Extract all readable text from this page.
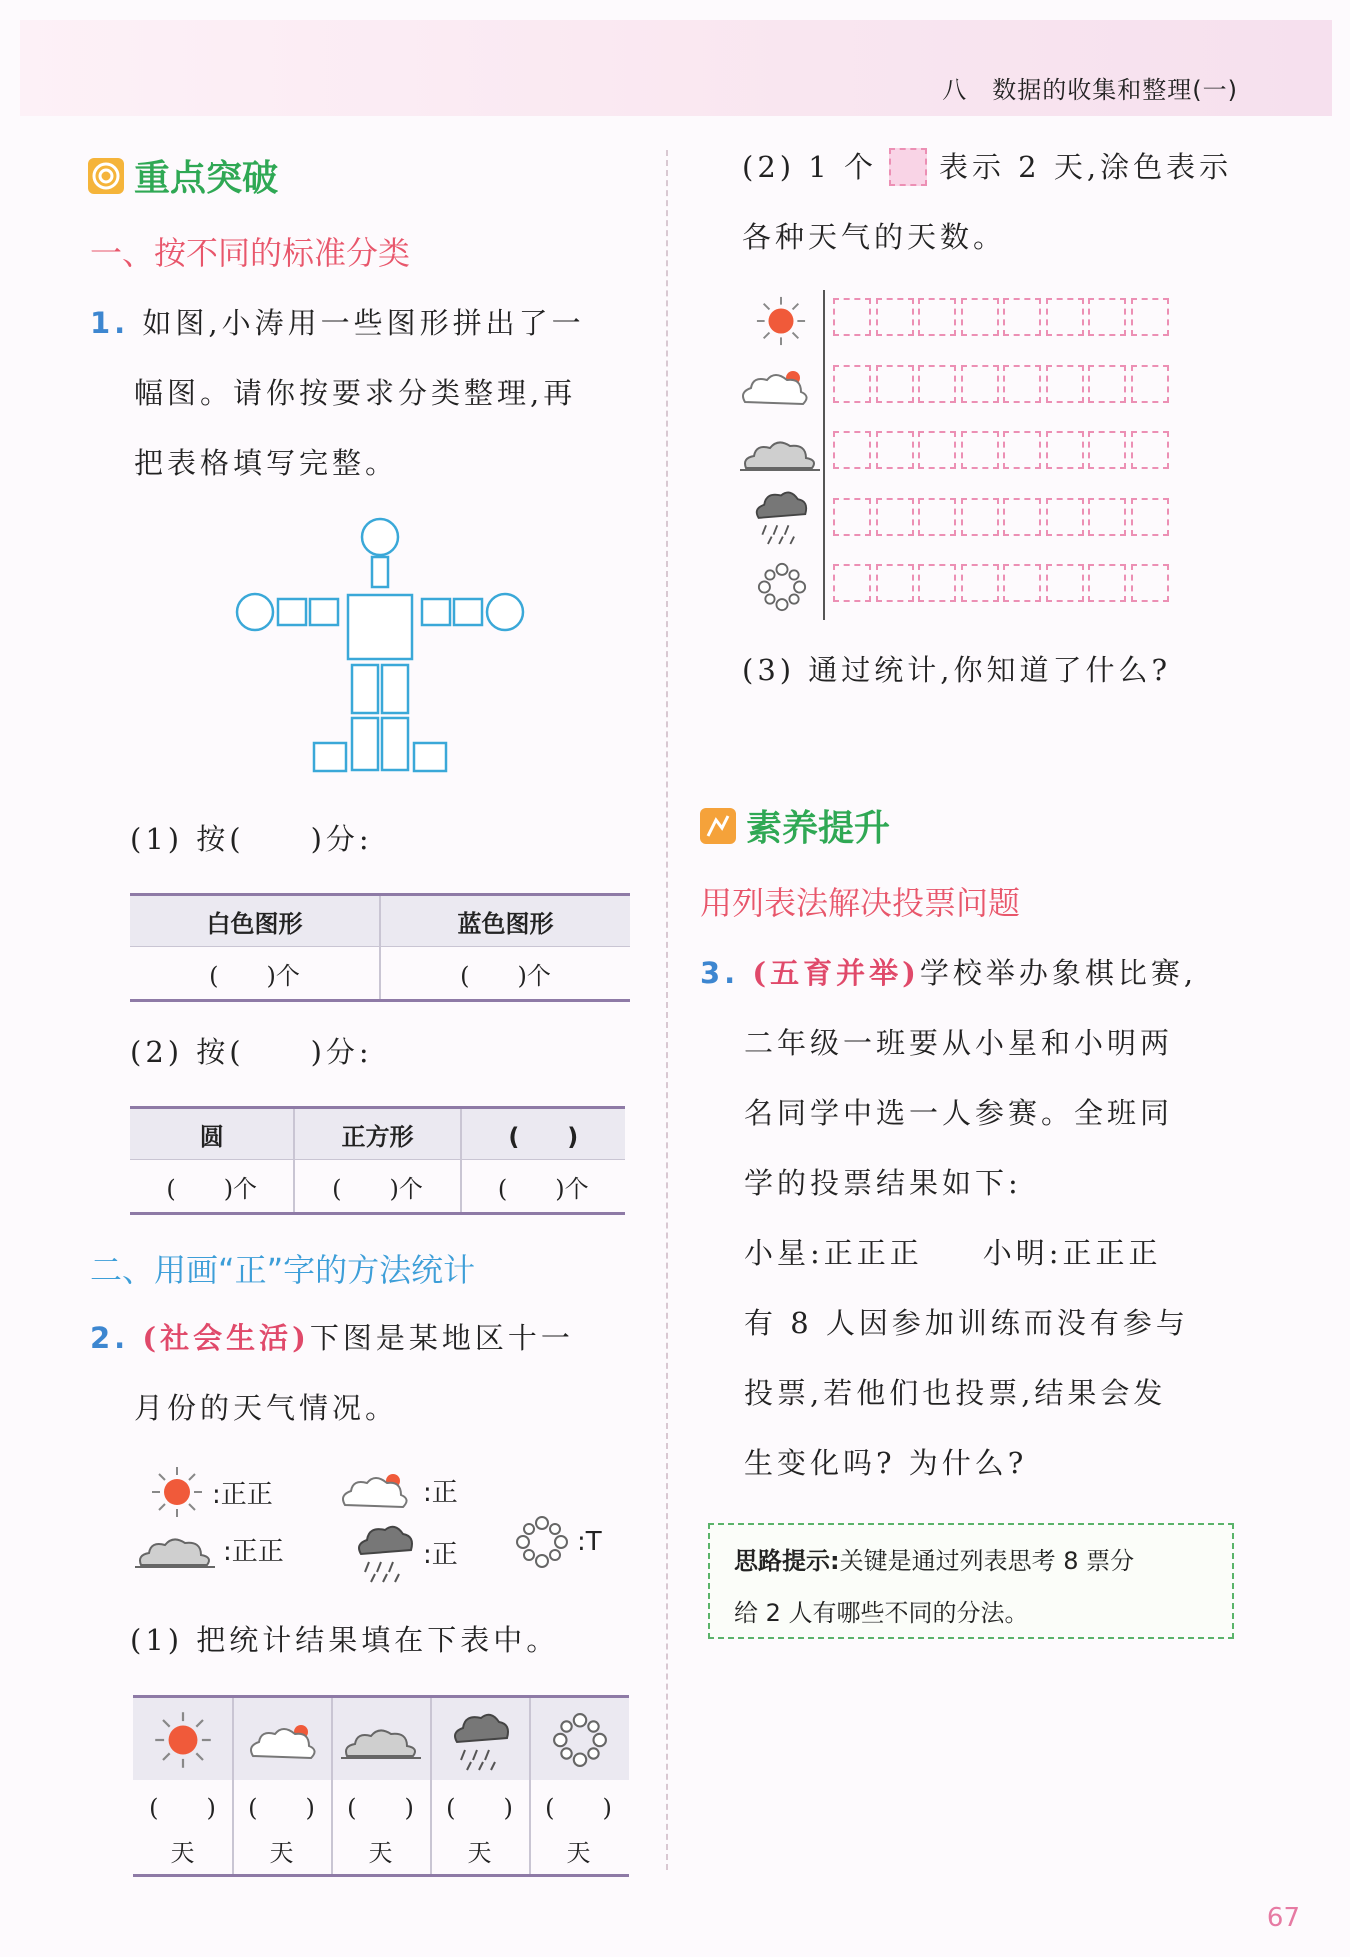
八　数据的收集和整理(一)
重点突破
一、按不同的标准分类
1. 如图,小涛用一些图形拼出了一
幅图。请你按要求分类整理,再
把表格填写完整。
(1) 按(　　)分:
白色图形	蓝色图形
(　　)个	(　　)个
(2) 按(　　)分:
圆	正方形	(　　)
(　　)个	(　　)个	(　　)个
二、用画“正”字的方法统计
2. (社会生活)下图是某地区十一
月份的天气情况。
:正正	:正
:正正	:正	:T
(1) 把统计结果填在下表中。
(　　)	(　　)	(　　)	(　　)	(　　)
天	天	天	天	天
(2) 1 个 表示 2 天,涂色表示
各种天气的天数。
(3) 通过统计,你知道了什么?
素养提升
用列表法解决投票问题
3. (五育并举)学校举办象棋比赛,
二年级一班要从小星和小明两
名同学中选一人参赛。全班同
学的投票结果如下:
小星:正正正 小明:正正正
有 8 人因参加训练而没有参与
投票,若他们也投票,结果会发
生变化吗? 为什么?
思路提示:关键是通过列表思考 8 票分
给 2 人有哪些不同的分法。
67
